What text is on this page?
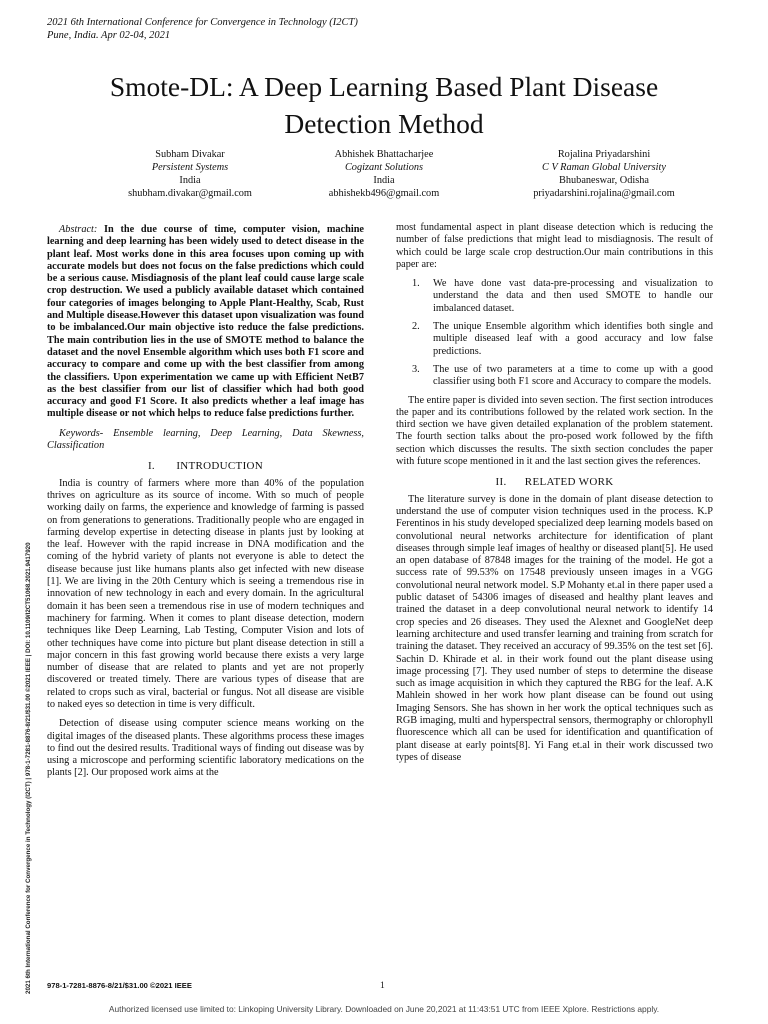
2021 6th International Conference for Convergence in Technology (I2CT)
Pune, India. Apr 02-04, 2021
Smote-DL: A Deep Learning Based Plant Disease
Detection Method
Subham Divakar
Persistent Systems
India
shubham.divakar@gmail.com
Abhishek Bhattacharjee
Cogizant Solutions
India
abhishekb496@gmail.com
Rojalina Priyadarshini
C V Raman Global University
Bhubaneswar, Odisha
priyadarshini.rojalina@gmail.com

Abstract: In the due course of time, computer vision, machine learning and deep learning has been widely used to detect disease in the plant leaf. Most works done in this area focuses upon coming up with accurate models but does not focus on the false predictions which could be a serious cause. Misdiagnosis of the plant leaf could cause large scale crop destruction. We used a publicly available dataset which contained four categories of images belonging to Apple Plant-Healthy, Scab, Rust and Multiple disease.However this dataset upon visualization was found to be imbalanced.Our main objective isto reduce the false predictions. The main contribution lies in the use of SMOTE method to balance the dataset and the novel Ensemble algorithm which uses both F1 score and accuracy to compare and come up with the best classifier from among the classifiers. Upon experimentation we came up with Efficient NetB7 as the best classifier from our list of classifier which had both good accuracy and good F1 Score. It also predicts whether a leaf image has multiple disease or not which helps to reduce false predictions further.

Keywords- Ensemble learning, Deep Learning, Data Skewness, Classification

I.       INTRODUCTION

India is country of farmers where more than 40% of the population thrives on agriculture as its source of income. With so much of people working daily on farms, the experience and knowledge of farming is passed on from generations to generations. Traditionally people who are engaged in farming develop expertise in detecting disease in plants just by looking at the leaf. However with the rapid increase in DNA modification and the coming of the hybrid variety of plants not everyone is able to detect the disease because just like humans plants also get infected with new disease [1]. We are living in the 20th Century which is seeing a tremendous rise in innovation of new technology in each and every domain. In the agricultural domain it has been seen a tremendous rise in use of modern techniques and machinery for farming. When it comes to plant disease detection, modern techniques like Deep Learning, Lab Testing, Computer Vision and lots of other techniques have come into picture but plant disease detection in still a major concern in this fast growing world because there exists a very large number of disease that are related to plants and yet are not properly discovered or treated timely. There are various types of disease that are related to crops such as viral, bacterial or fungus. Not all disease are visible to naked eyes so detection in time is very difficult.

Detection of disease using computer science means working on the digital images of the diseased plants. These algorithms process these images to find out the desired results. Traditional ways of finding out disease was by using a microscope and performing scientific laboratory medications on the plants [2]. Our proposed work aims at the

most fundamental aspect in plant disease detection which is reducing the number of false predictions that might lead to misdiagnosis. The result of which could be large scale crop destruction.Our main contributions in this paper are:

1. We have done vast data-pre-processing and visualization to understand the data and then used SMOTE to handle our imbalanced dataset.
2. The unique Ensemble algorithm which identifies both single and multiple diseased leaf with a good accuracy and low false predictions.
3. The use of two parameters at a time to come up with a good classifier using both F1 score and Accuracy to compare the models.

The entire paper is divided into seven section. The first section introduces the paper and its contributions followed by the related work section. In the third section we have given detailed explanation of the problem statement. The fourth section talks about the pro-posed work followed by the fifth section which discusses the results. The sixth section concludes the paper with future scope mentioned in it and the last section gives the references.

II.      RELATED WORK

The literature survey is done in the domain of plant disease detection to understand the use of computer vision techniques used in the process. K.P Ferentinos in his study developed specialized deep learning models based on convolutional neural networks architecture for identification of plant diseases through simple leaf images of healthy or diseased plant[5]. He used an open database of 87848 images for the training of the model. He got a success rate of 99.53% on 17548 previously unseen images in a VGG convolutional neural network model. S.P Mohanty et.al in there paper used a public dataset of 54306 images of diseased and healthy plant leaves and trained the dataset in a deep convolutional neural network to identify 14 crop species and 26 diseases. They used the Alexnet and GoogleNet deep learning architecture and used transfer learning and training from scratch for training the dataset. They received an accuracy of 99.35% on the test set [6]. Sachin D. Khirade et al. in their work found out the plant disease using image processing [7]. They used number of steps to determine the disease such as image acquisition in which they captured the RBG for the leaf. A.K Mahlein showed in her work how plant disease can be found out using Imaging Sensors. She has shown in her work the optical techniques such as RGB imaging, multi and hyperspectral sensors, thermography or chlorophyll fluorescence which all can be used for identification and quantification of plant disease at early points[8]. Yi Fang et.al in their work discussed two types of disease

2021 6th International Conference for Convergence in Technology (I2CT) | 978-1-7281-8876-8/21/$31.00 ©2021 IEEE | DOI: 10.1109/I2CT51068.2021.9417920	978-1-7281-8876-8/21/$31.00 ©2021 IEEE	1
Authorized licensed use limited to: Linkoping University Library. Downloaded on June 20,2021 at 11:43:51 UTC from IEEE Xplore. Restrictions apply.
